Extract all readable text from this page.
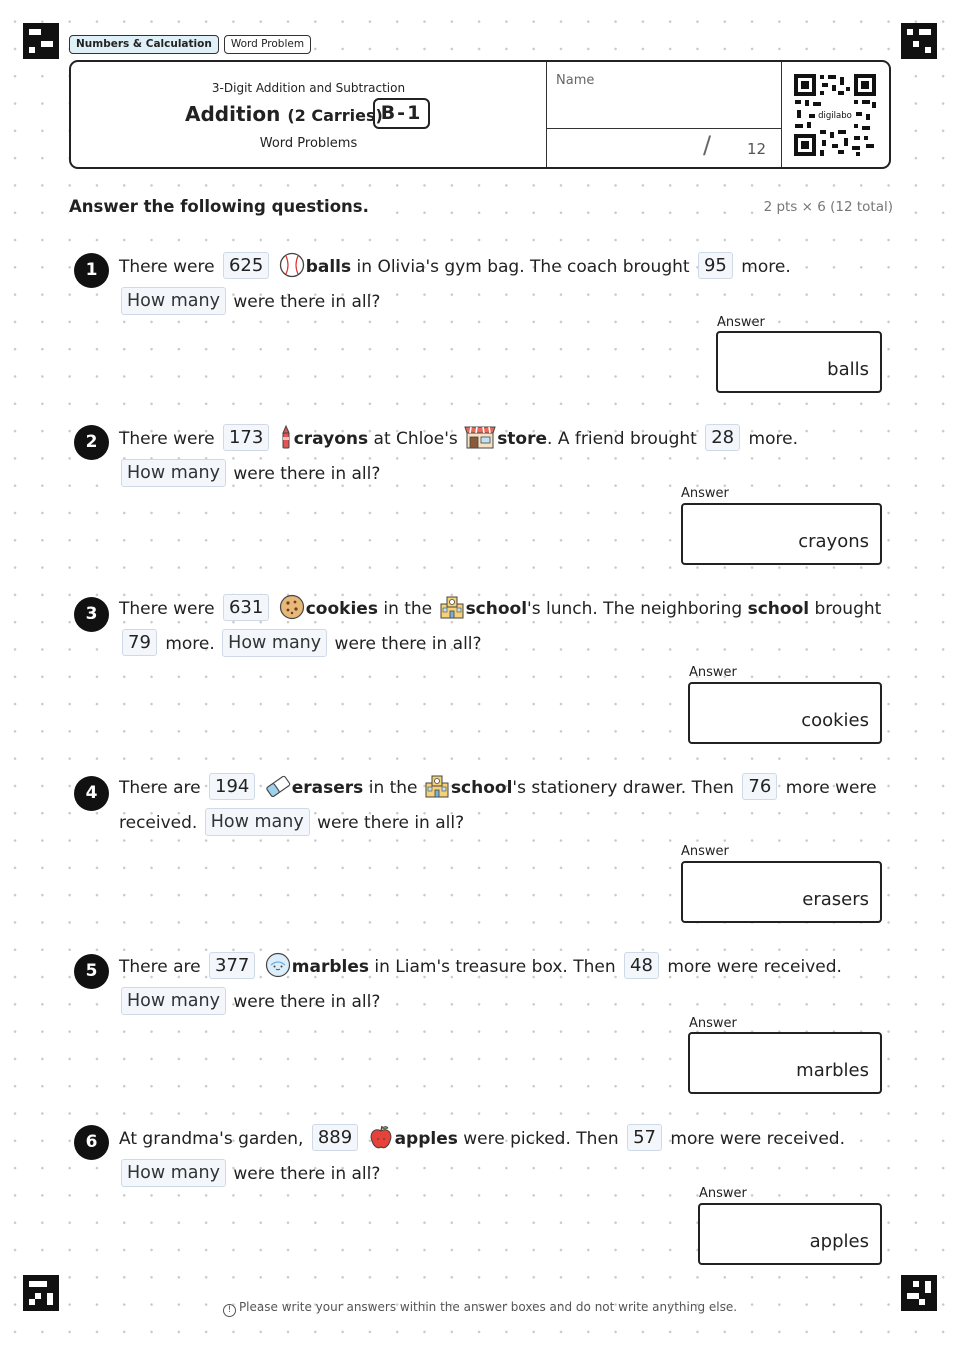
Numbers & Calculation	Word Problem
3-Digit Addition and Subtraction
Addition (2 Carries)
B-1
Word Problems
Name
/ 12
digilabo
Answer the following questions.	2 pts × 6 (12 total)
1	There were 625 balls in Olivia's gym bag. The coach brought 95 more. How many were there in all?
Answer
balls
2	There were 173 crayons at Chloe's store. A friend brought 28 more. How many were there in all?
Answer
crayons
3	There were 631 cookies in the school's lunch. The neighboring school brought 79 more. How many were there in all?
Answer
cookies
4	There are 194 erasers in the school's stationery drawer. Then 76 more were received. How many were there in all?
Answer
erasers
5	There are 377 marbles in Liam's treasure box. Then 48 more were received. How many were there in all?
Answer
marbles
6	At grandma's garden, 889 apples were picked. Then 57 more were received. How many were there in all?
Answer
apples
! Please write your answers within the answer boxes and do not write anything else.
